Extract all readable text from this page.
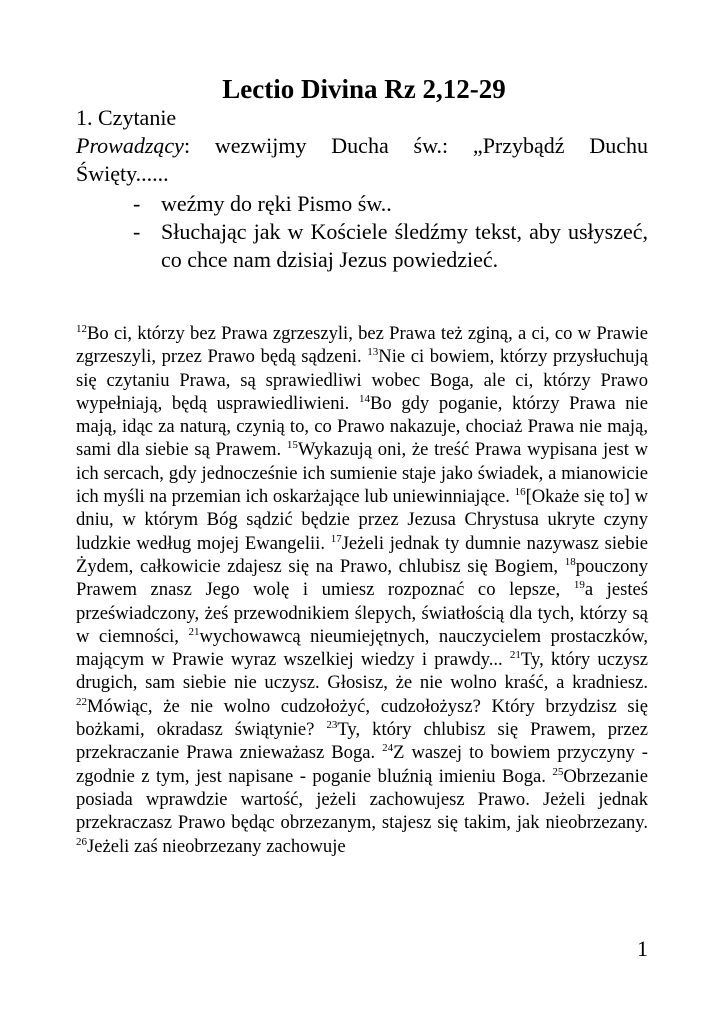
Lectio Divina Rz 2,12-29
1. Czytanie
Prowadzący: wezwijmy Ducha św.: „Przybądź Duchu Święty......
- weźmy do ręki Pismo św..
- Słuchając jak w Kościele śledźmy tekst, aby usłyszeć, co chce nam dzisiaj Jezus powiedzieć.
$^{12}$Bo ci, którzy bez Prawa zgrzeszyli, bez Prawa też zginą, a ci, co w Prawie zgrzeszyli, przez Prawo będą sądzeni. $^{13}$Nie ci bowiem, którzy przysłuchują się czytaniu Prawa, są sprawiedliwi wobec Boga, ale ci, którzy Prawo wypełniają, będą usprawiedliwieni. $^{14}$Bo gdy poganie, którzy Prawa nie mają, idąc za naturą, czynią to, co Prawo nakazuje, chociaż Prawa nie mają, sami dla siebie są Prawem. $^{15}$Wykazują oni, że treść Prawa wypisana jest w ich sercach, gdy jednocześnie ich sumienie staje jako świadek, a mianowicie ich myśli na przemian ich oskarżające lub uniewinniające. $^{16}$[Okaże się to] w dniu, w którym Bóg sądzić będzie przez Jezusa Chrystusa ukryte czyny ludzkie według mojej Ewangelii. $^{17}$Jeżeli jednak ty dumnie nazywasz siebie Żydem, całkowicie zdajesz się na Prawo, chlubisz się Bogiem, $^{18}$pouczony Prawem znasz Jego wolę i umiesz rozpoznać co lepsze, $^{19}$a jesteś przeświadczony, żeś przewodnikiem ślepych, światłością dla tych, którzy są w ciemności, $^{21}$wychowawcą nieumiejętnych, nauczycielem prostaczków, mającym w Prawie wyraz wszelkiej wiedzy i prawdy... $^{21}$Ty, który uczysz drugich, sam siebie nie uczysz. Głosisz, że nie wolno kraść, a kradniesz. $^{22}$Mówiąc, że nie wolno cudzołożyć, cudzołożysz? Który brzydzisz się bożkami, okradasz świątynie? $^{23}$Ty, który chlubisz się Prawem, przez przekraczanie Prawa znieważasz Boga. $^{24}$Z waszej to bowiem przyczyny - zgodnie z tym, jest napisane - poganie bluźnią imieniu Boga. $^{25}$Obrzezanie posiada wprawdzie wartość, jeżeli zachowujesz Prawo. Jeżeli jednak przekraczasz Prawo będąc obrzezanym, stajesz się takim, jak nieobrzezany. $^{26}$Jeżeli zaś nieobrzezany zachowuje
1
